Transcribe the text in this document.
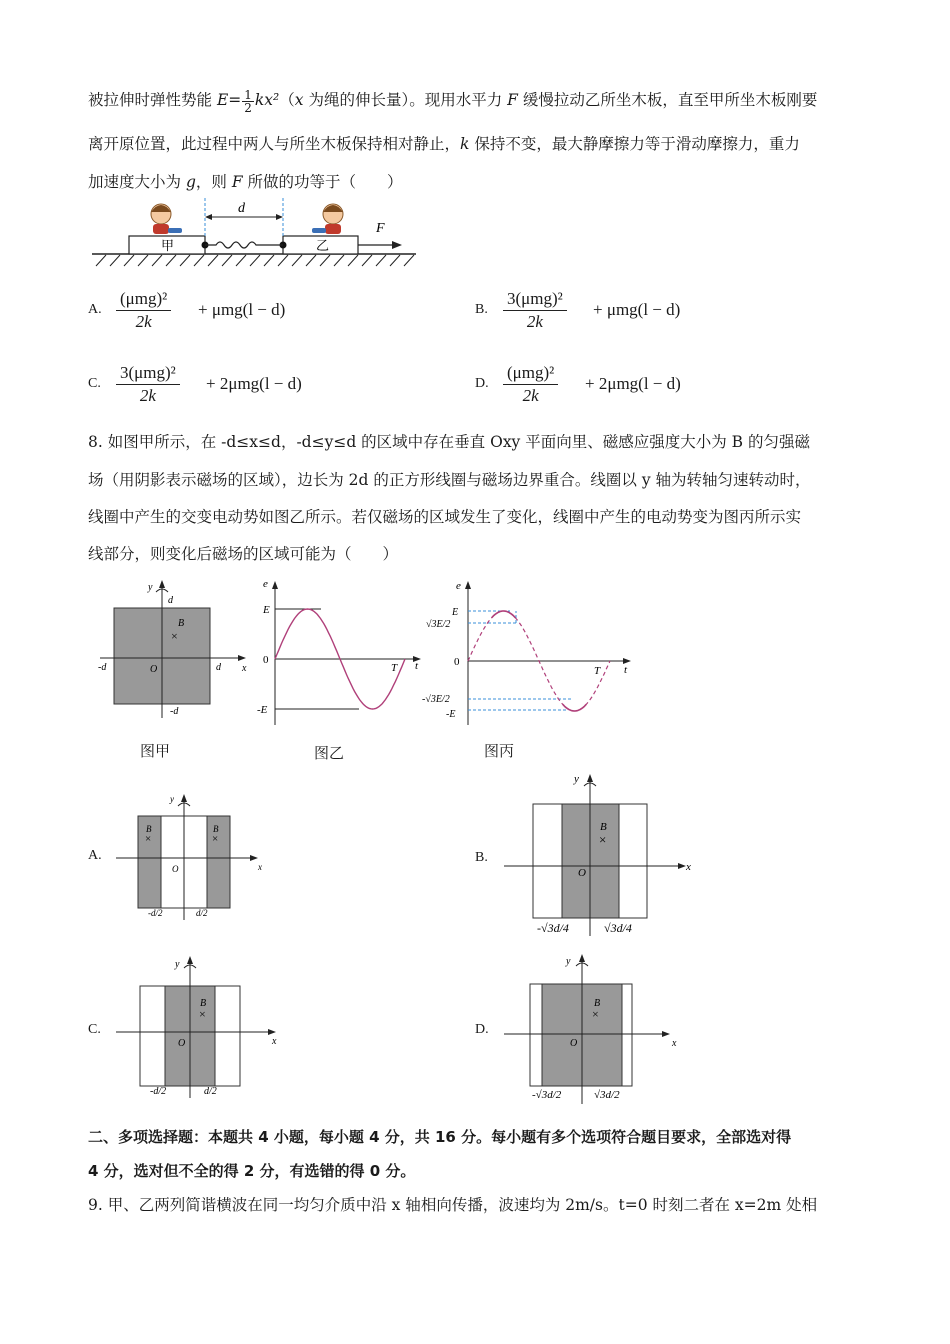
被拉伸时弹性势能 $E= \frac{1}{2} kx^2(x$ 为绳的伸长量）。现用水平力 F 缓慢拉动乙所坐木板，直至甲所坐木板刚要
离开原位置，此过程中两人与所坐木板保持相对静止，k 保持不变，最大静摩擦力等于滑动摩擦力，重力
加速度大小为 g，则 F 所做的功等于（　　）
甲	乙
d
F
A.
(μmg)²
2k
+ μmg(l − d)	B.
3(μmg)²
2k
+ μmg(l − d)
C.
3(μmg)²
2k
+ 2μmg(l − d)	D.
(μmg)²
2k
+ 2μmg(l − d)
8. 如图甲所示，在 -d≤x≤d，-d≤y≤d 的区域中存在垂直 Oxy 平面向里、磁感应强度大小为 B 的匀强磁
场（用阴影表示磁场的区域），边长为 2d 的正方形线圈与磁场边界重合。线圈以 y 轴为转轴匀速转动时，
线圈中产生的交变电动势如图乙所示。若仅磁场的区域发生了变化，线圈中产生的电动势变为图丙所示实
线部分，则变化后磁场的区域可能为（　　）
y
d
x
O
B
×
-d	d
-d
e
E
0
-E
T t
e
E
√3E/2
0
-√3E/2
-E
T t
图甲	图乙	图丙
A.
y
x
O
B
×
B
×
-d/2	d/2
B.
y
x
O
B
×
-√3d/4	√3d/4
C.
y
x
O
B
×
-d/2	d/2
D.
y
x
O
B
×
-√3d/2	√3d/2
二、多项选择题：本题共 4 小题，每小题 4 分，共 16 分。每小题有多个选项符合题目要求，全部选对得
4 分，选对但不全的得 2 分，有选错的得 0 分。
9. 甲、乙两列简谐横波在同一均匀介质中沿 x 轴相向传播，波速均为 2m/s。t=0 时刻二者在 x=2m 处相
